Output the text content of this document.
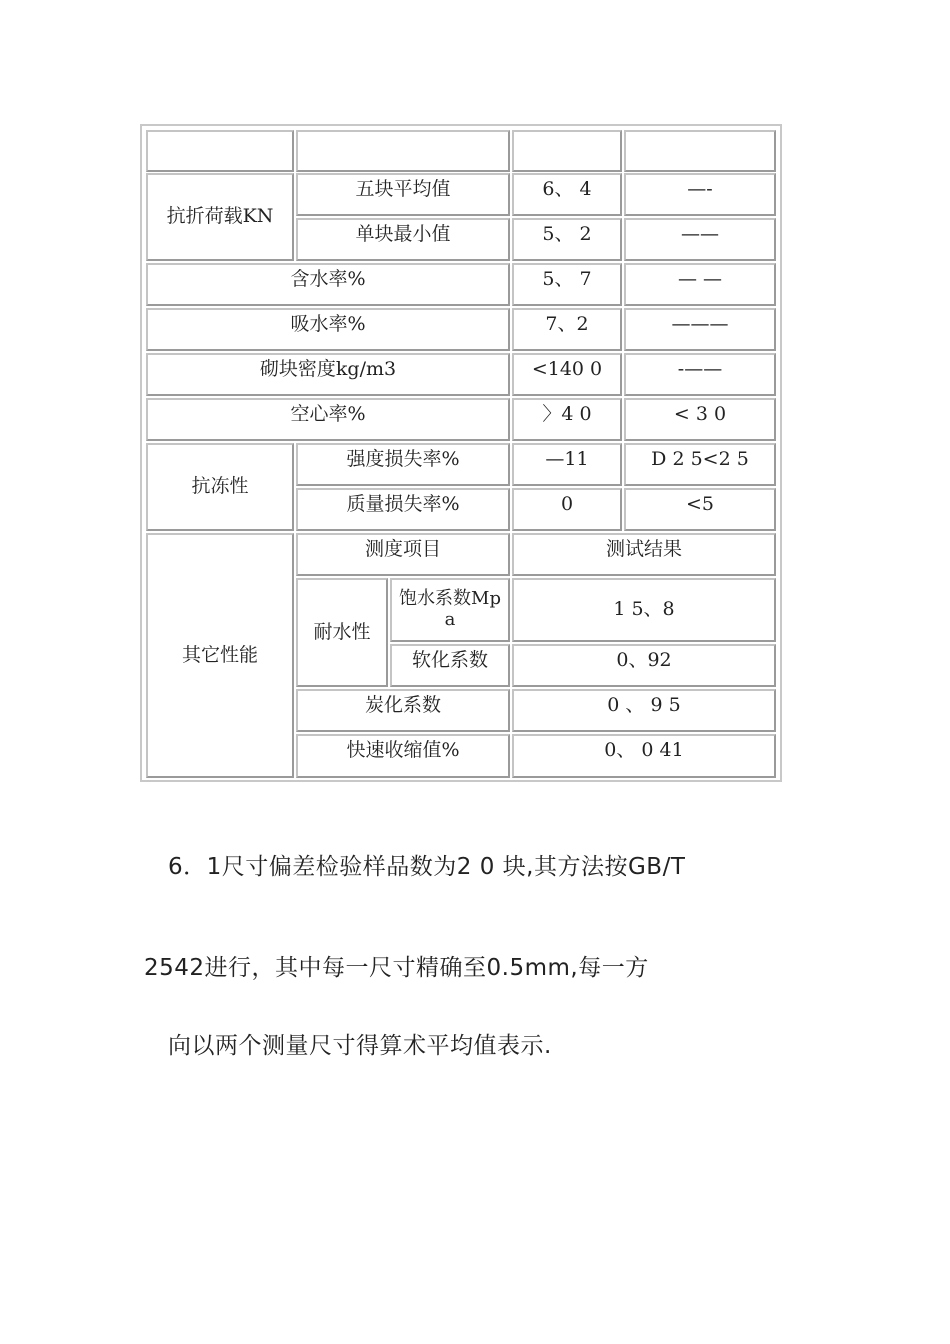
抗折荷载KN
五块平均值	6、 4	—-
单块最小值	5、 2	——
含水率%	5、 7	— —
吸水率%	7、2	———
砌块密度kg/m3	<140 0	-——
空心率%	〉4 0	< 3 0
抗冻性
强度损失率%	—11	D 2 5<2 5
质量损失率%	0	<5
其它性能
测度项目	测试结果
耐水性
饱水系数Mpa	1 5、8
软化系数	0、92
炭化系数	0 、 9 5
快速收缩值%	0、 0 41
6．1尺寸偏差检验样品数为2 0 块,其方法按GB/T
2542进行，其中每一尺寸精确至0.5mm,每一方
向以两个测量尺寸得算术平均值表示.
